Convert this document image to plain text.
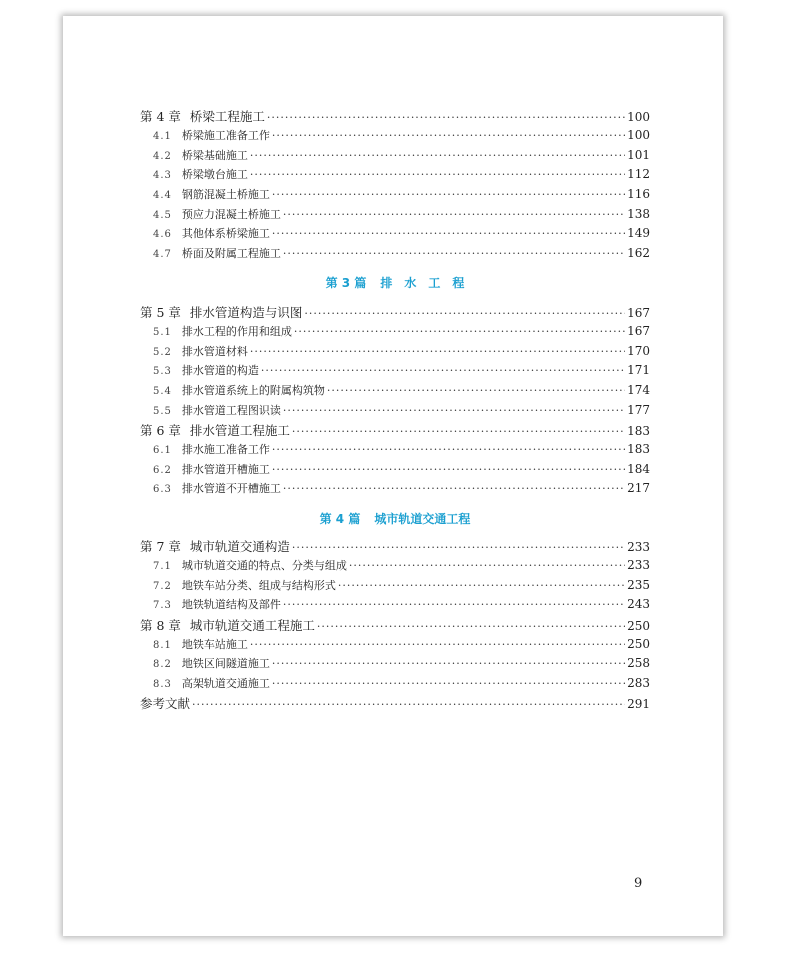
第 4 章 桥梁工程施工 ·····	100
4.1 桥梁施工准备工作 ·····	100
4.2 桥梁基础施工 ·····	101
4.3 桥梁墩台施工 ·····	112
4.4 钢筋混凝土桥施工 ·····	116
4.5 预应力混凝土桥施工 ·····	138
4.6 其他体系桥梁施工 ·····	149
4.7 桥面及附属工程施工 ·····	162
第 3 篇 排　水　工　程
第 5 章 排水管道构造与识图 ·····	167
5.1 排水工程的作用和组成 ·····	167
5.2 排水管道材料 ·····	170
5.3 排水管道的构造 ·····	171
5.4 排水管道系统上的附属构筑物 ·····	174
5.5 排水管道工程图识读 ·····	177
第 6 章 排水管道工程施工 ·····	183
6.1 排水施工准备工作 ·····	183
6.2 排水管道开槽施工 ·····	184
6.3 排水管道不开槽施工 ·····	217
第 4 篇 城市轨道交通工程
第 7 章 城市轨道交通构造 ·····	233
7.1 城市轨道交通的特点、分类与组成 ·····	233
7.2 地铁车站分类、组成与结构形式 ·····	235
7.3 地铁轨道结构及部件 ·····	243
第 8 章 城市轨道交通工程施工 ·····	250
8.1 地铁车站施工 ·····	250
8.2 地铁区间隧道施工 ·····	258
8.3 高架轨道交通施工 ·····	283
参考文献 ·····	291
9
